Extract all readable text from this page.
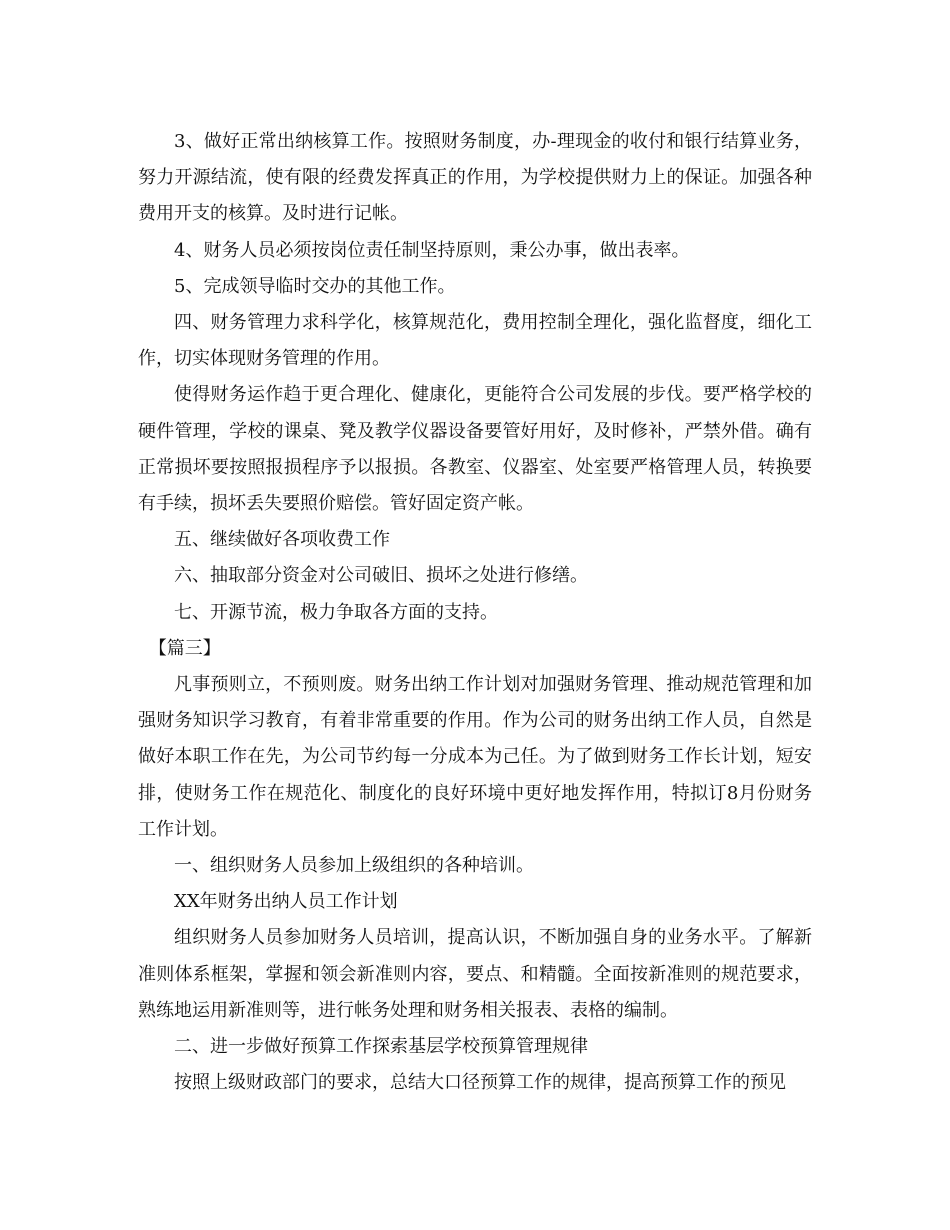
3、做好正常出纳核算工作。按照财务制度，办-理现金的收付和银行结算业务，努力开源结流，使有限的经费发挥真正的作用，为学校提供财力上的保证。加强各种费用开支的核算。及时进行记帐。

4、财务人员必须按岗位责任制坚持原则，秉公办事，做出表率。

5、完成领导临时交办的其他工作。

四、财务管理力求科学化，核算规范化，费用控制全理化，强化监督度，细化工作，切实体现财务管理的作用。

使得财务运作趋于更合理化、健康化，更能符合公司发展的步伐。要严格学校的硬件管理，学校的课桌、凳及教学仪器设备要管好用好，及时修补，严禁外借。确有正常损坏要按照报损程序予以报损。各教室、仪器室、处室要严格管理人员，转换要有手续，损坏丢失要照价赔偿。管好固定资产帐。

五、继续做好各项收费工作

六、抽取部分资金对公司破旧、损坏之处进行修缮。

七、开源节流，极力争取各方面的支持。

【篇三】

凡事预则立，不预则废。财务出纳工作计划对加强财务管理、推动规范管理和加强财务知识学习教育，有着非常重要的作用。作为公司的财务出纳工作人员，自然是做好本职工作在先，为公司节约每一分成本为己任。为了做到财务工作长计划，短安排，使财务工作在规范化、制度化的良好环境中更好地发挥作用，特拟订8月份财务工作计划。

一、组织财务人员参加上级组织的各种培训。

XX年财务出纳人员工作计划

组织财务人员参加财务人员培训，提高认识，不断加强自身的业务水平。了解新准则体系框架，掌握和领会新准则内容，要点、和精髓。全面按新准则的规范要求，熟练地运用新准则等，进行帐务处理和财务相关报表、表格的编制。

二、进一步做好预算工作探索基层学校预算管理规律

按照上级财政部门的要求，总结大口径预算工作的规律，提高预算工作的预见
